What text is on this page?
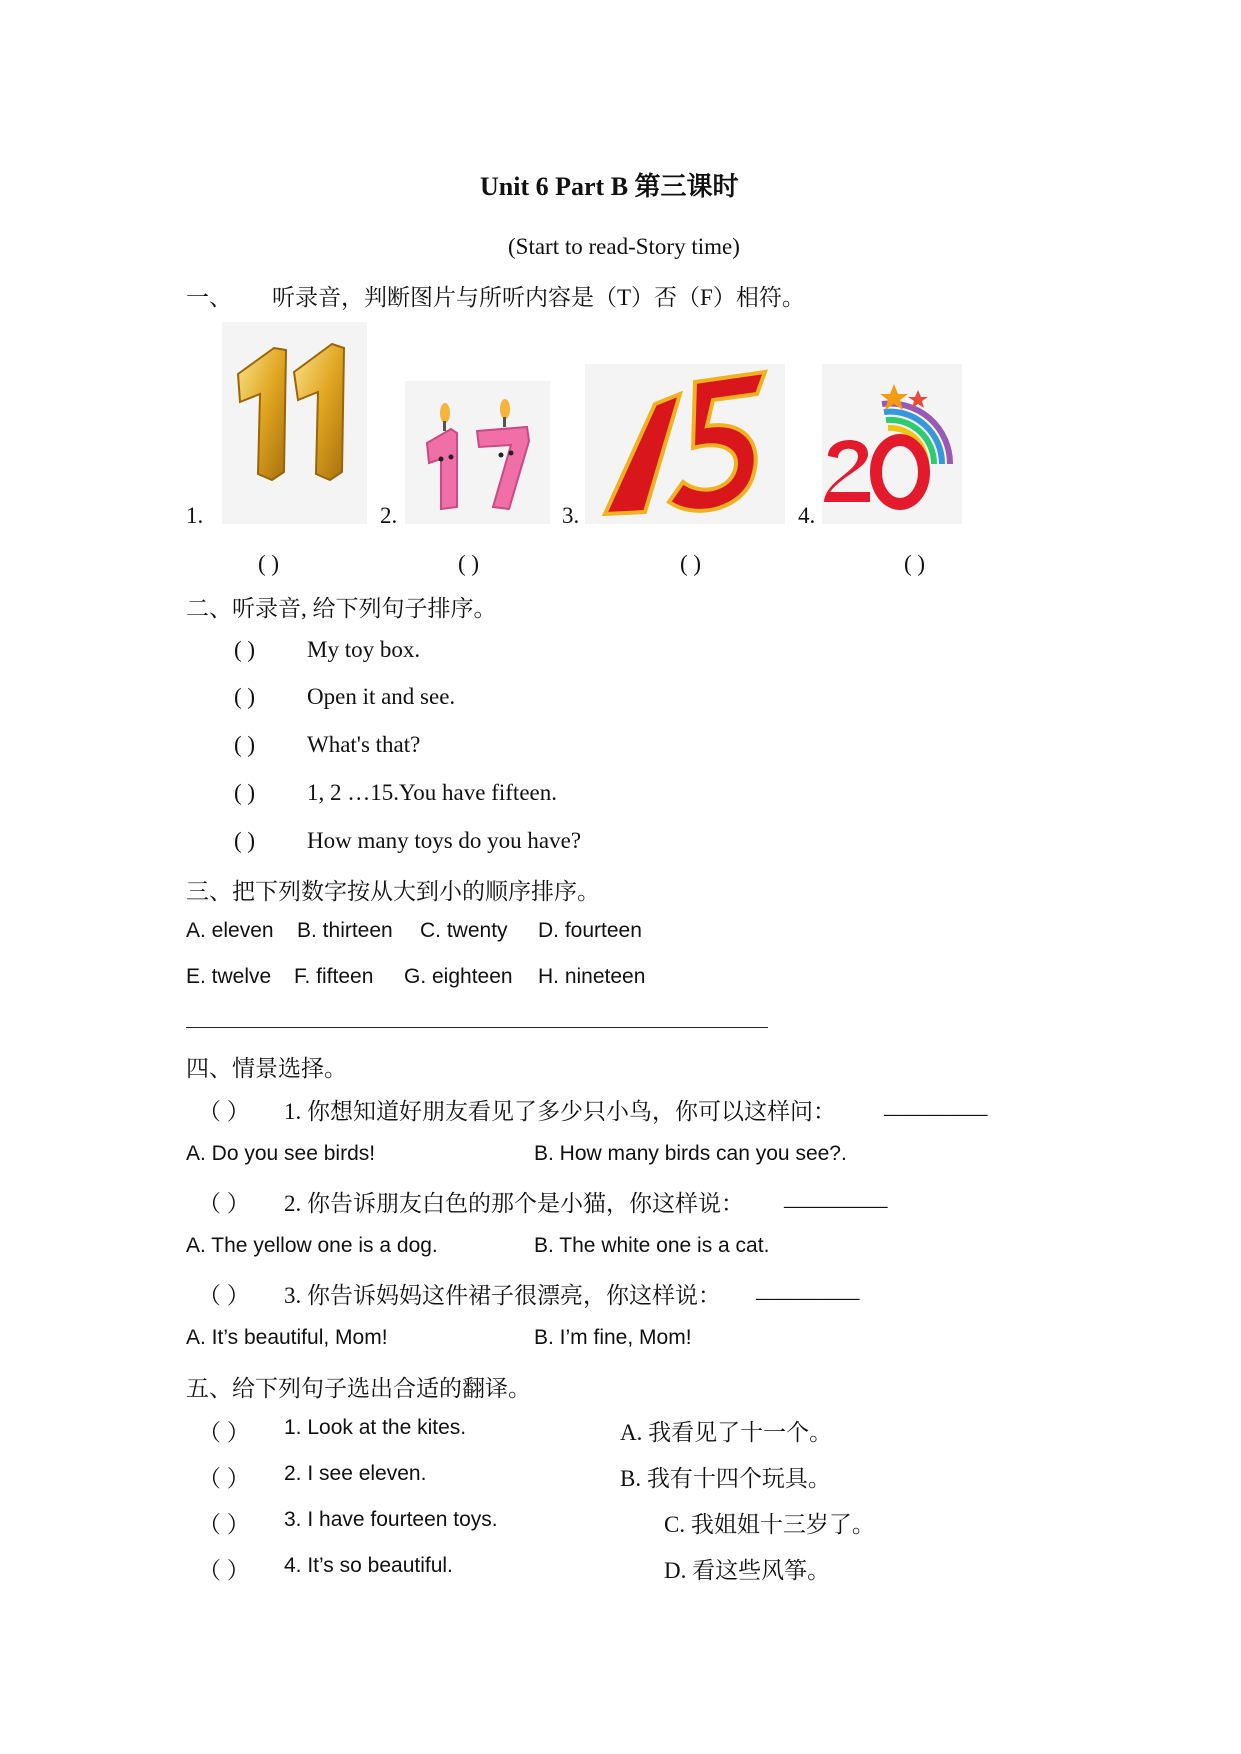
Unit 6 Part B 第三课时
(Start to read-Story time)
一、 听录音，判断图片与所听内容是（T）否（F）相符。
1.
11
2.	3.	4.
( )	( )	( )	( )
二、听录音, 给下列句子排序。
( ) My toy box.
( ) Open it and see.
( ) What's that?
( ) 1, 2 …15.You have fifteen.
( ) How many toys do you have?
三、把下列数字按从大到小的顺序排序。
A. eleven B. thirteen C. twenty D. fourteen
E. twelve F. fifteen G. eighteen H. nineteen
四、情景选择。
（ ） 1. 你想知道好朋友看见了多少只小鸟，你可以这样问： _________
A. Do you see birds!	B. How many birds can you see?.
（ ） 2. 你告诉朋友白色的那个是小猫，你这样说： _________
A. The yellow one is a dog.	B. The white one is a cat.
（ ） 3. 你告诉妈妈这件裙子很漂亮，你这样说： _________
A. It’s beautiful, Mom!	B. I’m fine, Mom!
五、给下列句子选出合适的翻译。
（ ） 1. Look at the kites.	A. 我看见了十一个。
（ ） 2. I see eleven.	B. 我有十四个玩具。
（ ） 3. I have fourteen toys.	C. 我姐姐十三岁了。
（ ） 4. It’s so beautiful.	D. 看这些风筝。
